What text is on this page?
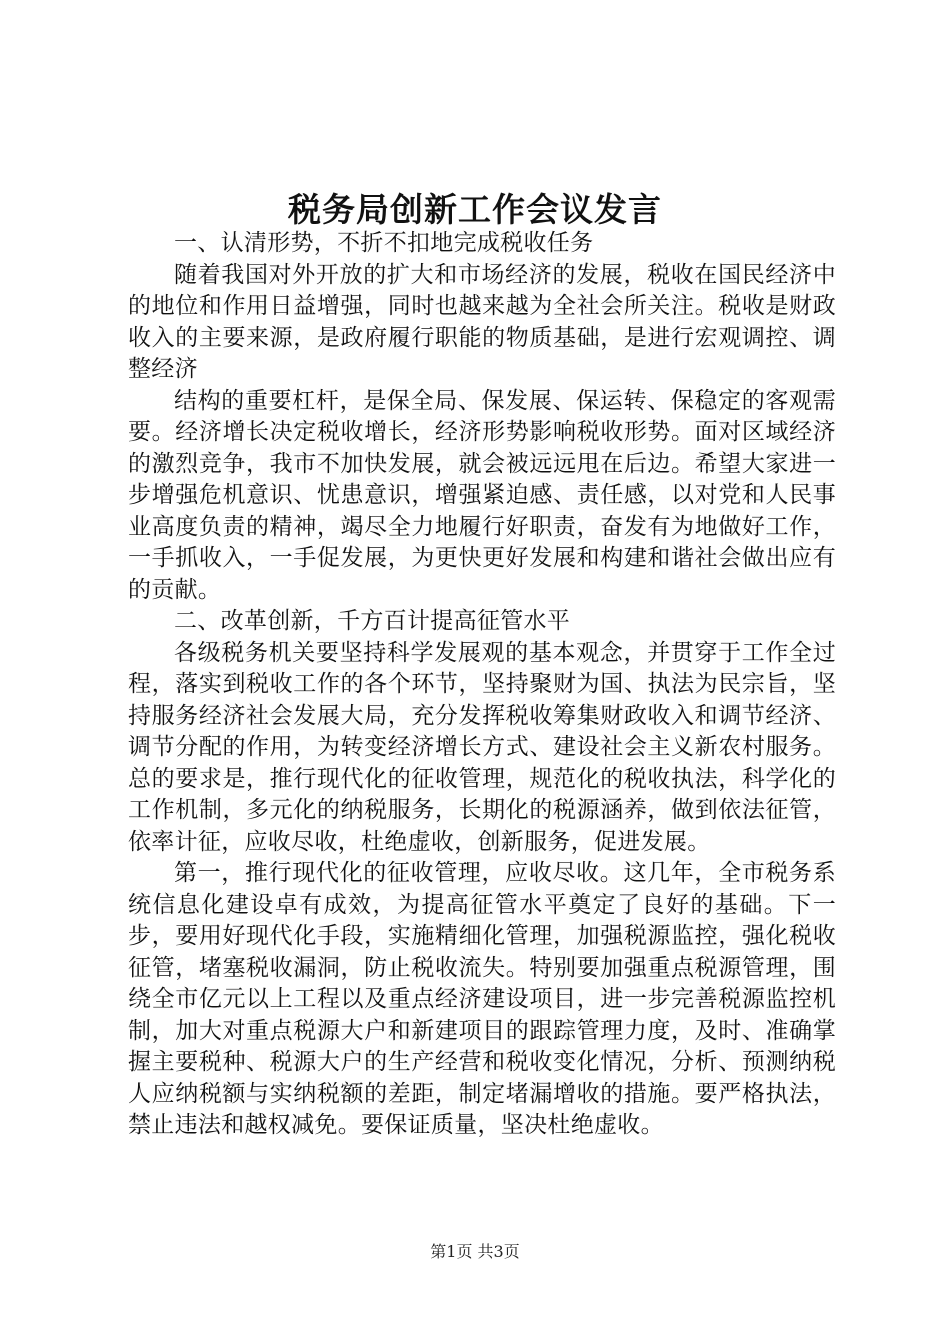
税务局创新工作会议发言

一、认清形势，不折不扣地完成税收任务

随着我国对外开放的扩大和市场经济的发展，税收在国民经济中的地位和作用日益增强，同时也越来越为全社会所关注。税收是财政收入的主要来源，是政府履行职能的物质基础，是进行宏观调控、调整经济

结构的重要杠杆，是保全局、保发展、保运转、保稳定的客观需要。经济增长决定税收增长，经济形势影响税收形势。面对区域经济的激烈竞争，我市不加快发展，就会被远远甩在后边。希望大家进一步增强危机意识、忧患意识，增强紧迫感、责任感，以对党和人民事业高度负责的精神，竭尽全力地履行好职责，奋发有为地做好工作，一手抓收入，一手促发展，为更快更好发展和构建和谐社会做出应有的贡献。

二、改革创新，千方百计提高征管水平

各级税务机关要坚持科学发展观的基本观念，并贯穿于工作全过程，落实到税收工作的各个环节，坚持聚财为国、执法为民宗旨，坚持服务经济社会发展大局，充分发挥税收筹集财政收入和调节经济、调节分配的作用，为转变经济增长方式、建设社会主义新农村服务。总的要求是，推行现代化的征收管理，规范化的税收执法，科学化的工作机制，多元化的纳税服务，长期化的税源涵养，做到依法征管，依率计征，应收尽收，杜绝虚收，创新服务，促进发展。

第一，推行现代化的征收管理，应收尽收。这几年，全市税务系统信息化建设卓有成效，为提高征管水平奠定了良好的基础。下一步，要用好现代化手段，实施精细化管理，加强税源监控，强化税收征管，堵塞税收漏洞，防止税收流失。特别要加强重点税源管理，围绕全市亿元以上工程以及重点经济建设项目，进一步完善税源监控机制，加大对重点税源大户和新建项目的跟踪管理力度，及时、准确掌握主要税种、税源大户的生产经营和税收变化情况，分析、预测纳税人应纳税额与实纳税额的差距，制定堵漏增收的措施。要严格执法，禁止违法和越权减免。要保证质量，坚决杜绝虚收。

第1页 共3页
